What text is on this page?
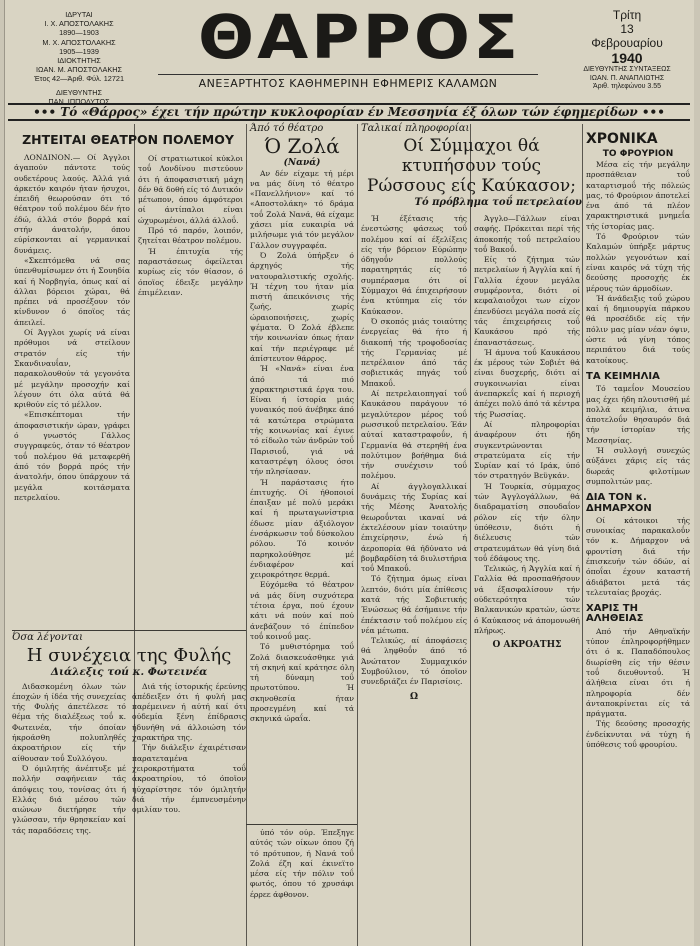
ΙΔΡΥΤΑΙ
Ι. Χ. ΑΠΟΣΤΟΛΑΚΗΣ
1890—1903
Μ. Χ. ΑΠΟΣΤΟΛΑΚΗΣ
1905—1939
ΙΔΙΟΚΤΗΤΗΣ
ΙΩΑΝ. Μ. ΑΠΟΣΤΟΛΑΚΗΣ
Έτος 42—Άριθ. Φύλ. 12721
ΔΙΕΥΘΥΝΤΗΣ
ΠΑΝ. ΙΠΠΟΛΥΤΟΣ
ΘΑΡΡΟΣ
ΑΝΕΞΑΡΤΗΤΟΣ ΚΑΘΗΜΕΡΙΝΗ ΕΦΗΜΕΡΙΣ ΚΑΛΑΜΩΝ
Τρίτη
13
Φεβρουαρίου
1940
ΔΙΕΥΘΥΝΤΗΣ ΣΥΝΤΑΞΕΩΣ
ΙΩΑΝ. Π. ΑΝΑΠΛΙΩΤΗΣ
Άριθ. τηλεφώνου 3.55
••• Τό «Θάρρος» έχει τήν πρώτην κυκλοφορίαν έν Μεσσηνία έξ όλων τών έφημερίδων •••
ΖΗΤΕΙΤΑΙ ΘΕΑΤΡΟΝ ΠΟΛΕΜΟΥ

ΛΟΝΔΙΝΟΝ.— Οί Άγγλοι άγαπούν πάντοτε τούς ουδετέρους λαούς. Άλλά γιά άρκετόν καιρόν ήταν ήσυχοι, έπειδή θεωρούσαν ότι τό θέατρον τοΰ πολέμου δέν ήτο έδώ, άλλά στόν βορρά καί στήν άνατολήν, όπου εύρίσκονται αί γερμανικαί δυνάμεις.

«Σκεπτόμεθα νά σας ύπενθυμίσωμεν ότι ή Σουηδία καί ή Νορβηγία, όπως καί αί άλλαι βόρειοι χώραι, θά πρέπει νά προσέξουν τόν κίνδυνον ό όποϊος τάς άπειλεί.

Οί Άγγλοι χωρίς νά είναι πρόθυμοι νά στείλουν στρατόν είς τήν Σκανδιναυΐαν, παρακολουθούν τά γεγονότα μέ μεγάλην προσοχήν καί λέγουν ότι όλα αύτά θά κριθούν είς τό μέλλον.

«Επισκέπτομαι τήν άποφασιστικήν ώραν, γράφει ό γνωστός Γάλλος συγγραφεύς, όταν τό θέατρον τοΰ πολέμου θά μεταφερθή άπό τόν βορρά πρός τήν άνατολήν, όπου ύπάρχουν τά μεγάλα κοιτάσματα πετρελαίου.

Οί στρατιωτικοί κύκλοι τοΰ Λονδίνου πιστεύουν ότι ή άποφασιστική μάχη δέν θά δοθή είς τό Δυτικόν μέτωπον, όπου άμφότεροι οί άντίπαλοι είναι ώχυρωμένοι, άλλά άλλοΰ.

Πρό τό παρόν, λοιπόν, ζητείται θέατρον πολέμου.

Ή έπιτυχία τής παραστάσεως όφείλεται κυρίως είς τόν θίασον, ό όποϊος έδειξε μεγάλην έπιμέλειαν.

Όσα λέγονται
Η συνέχεια της Φυλής
Διάλεξις τοú κ. Φωτεινέα

Διδασκομένη όλων τών έποχών ή ίδέα τής συνεχείας τής Φυλής άπετέλεσε τό θέμα τής διαλέξεως τοΰ κ. Φωτεινέα, τήν όποίαν ήκροάσθη πολυπληθές άκροατήριον είς τήν αίθουσαν τοΰ Συλλόγου.

Ό όμιλητής άνέπτυξε μέ πολλήν σαφήνειαν τάς άπόψεις του, τονίσας ότι ή Ελλάς διά μέσου τών αιώνων διετήρησε τήν γλώσσαν, τήν θρησκείαν καί τάς παραδόσεις της.

Διά τής ίστορικής έρεύνης άπέδειξεν ότι ή φυλή μας παρέμεινεν ή αύτή καί ότι ούδεμία ξένη έπίδρασις ήδυνήθη νά άλλοιώση τόν χαρακτήρα της.

Τήν διάλεξιν έχαιρέτισαν παρατεταμένα χειροκροτήματα τοΰ άκροατηρίου, τό όποϊον ηύχαρίστησε τόν όμιλητήν διά τήν έμπνευσμένην ομιλίαν του.

Άπό τό θέατρο
Ό Ζολά
(Νανά)

Αν δέν είχαμε τή μέρι να μάς δίνη τό θέατρο «Πανελλήνιον» καί τό «Αποστολάκη» τό δράμα τοΰ Ζολά Νανά, θά είχαμε χάσει μία ευκαιρία νά μιλήσωμε γιά τόν μεγάλον Γάλλον συγγραφέα.

Ό Ζολά ύπήρξεν ό άρχηγός τής νατουραλιστικής σχολής. Ή τέχνη του ήταν μία πιστή άπεικόνισις τής ζωής, χωρίς ώραιοποιήσεις, χωρίς ψέματα. Ό Ζολά έβλεπε τήν κοινωνίαν όπως ήταν καί τήν περιέγραφε μέ άπίστευτον θάρρος.

Ή «Νανά» είναι ένα άπό τά πιό χαρακτηριστικά έργα του. Είναι ή ίστορία μιάς γυναικός πού άνέβηκε άπό τά κατώτερα στρώματα τής κοινωνίας καί έγινε τό είδωλο τών άνδρών τοΰ Παρισιοΰ, γιά νά καταστρέψη όλους όσοι τήν πλησίασαν.

Ή παράστασις ήτο έπιτυχής. Οί ήθοποιοί έπαιξαν μέ πολύ μεράκι καί ή πρωταγωνίστρια έδωσε μίαν άξιόλογον ένσάρκωσιν τοΰ δύσκολου ρόλου. Τό κοινόν παρηκολούθησε μέ ένδιαφέρον καί χειροκρότησε θερμά.

Εύχόμεθα τό θέατρον νά μάς δίνη συχνότερα τέτοια έργα, πού έχουν κάτι νά πούν καί πού άνεβάζουν τό έπίπεδον τοΰ κοινοΰ μας.

Τό μυθιστόρημα τοΰ Ζολά διασκευάσθηκε γιά τή σκηνή καί κράτησε όλη τή δύναμη τοΰ πρωτοτύπου. Ή σκηνοθεσία ήταν προσεγμένη καί τά σκηνικά ώραΐα.

ύπό τόν ούρ. Έπεξηγε αύτός τών οίκων όπου ζή τό πρότυπον, ή Νανά τοΰ Ζολά έζη καί έκινεϊτο μέσα είς τήν πόλιν τοΰ φωτός, όπου τό χρυσάφι έρρεε άφθονον.

Ταλικαί πληροφορίαι
Οί Σύμμαχοι θά κτυπήσουν τούς Ρώσσους είς Καύκασον;
Τό πρόβλημα τοΰ πετρελαίου

Ή έξέτασις τής ένεστώσης φάσεως τοΰ πολέμου καί αί έξελίξεις είς τήν βόρειον Εύρώπην όδηγοΰν πολλούς παρατηρητάς είς τό συμπέρασμα ότι οί Σύμμαχοι θά έπιχειρήσουν ένα κτύπημα είς τόν Καύκασον.

Ό σκοπός μιάς τοιαύτης ένεργείας θά ήτο ή διακοπή τής τροφοδοσίας τής Γερμανίας μέ πετρέλαιον άπό τάς σοβιετικάς πηγάς τοΰ Μπακοΰ.

Αί πετρελαιοπηγαί τοΰ Καυκάσου παράγουν τό μεγαλύτερον μέρος τοΰ ρωσσικοΰ πετρελαίου. Έάν αύταί καταστραφοΰν, ή Γερμανία θά στερηθή ένα πολύτιμον βοήθημα διά τήν συνέχισιν τοΰ πολέμου.

Αί άγγλογαλλικαί δυνάμεις τής Συρίας καί τής Μέσης Άνατολής θεωροΰνται ικαναί νά έκτελέσουν μίαν τοιαύτην έπιχείρησιν, ένώ ή άεροπορία θά ήδύνατο νά βομβαρδίση τά διυλιστήρια τοΰ Μπακοΰ.

Τό ζήτημα όμως είναι λεπτόν, διότι μία έπίθεσις κατά τής Σοβιετικής Ένώσεως θά έσήμαινε τήν έπέκτασιν τοΰ πολέμου είς νέα μέτωπα.

Τελικώς, αί άποφάσεις θά ληφθοΰν άπό τό Άνώτατον Συμμαχικόν Συμβούλιον, τό όποϊον συνεδριάζει έν Παρισίοις.

Ω

Άγγλο—Γάλλων είναι σαφής. Πρόκειται περί τής άποκοπής τοΰ πετρελαίου τοΰ Βακοΰ.

Είς τό ζήτημα τών πετρελαίων ή Άγγλία καί ή Γαλλία έχουν μεγάλα συμφέροντα, διότι οί κεφαλαιοΰχοι των είχον έπενδύσει μεγάλα ποσά είς τάς έπιχειρήσεις τοΰ Καυκάσου πρό τής έπαναστάσεως.

Ή άμυνα τοΰ Καυκάσου έκ μέρους τών Σοβιέτ θά είναι δυσχερής, διότι αί συγκοινωνίαι είναι άνεπαρκεΐς καί ή περιοχή άπέχει πολύ άπό τά κέντρα τής Ρωσσίας.

Αί πληροφορίαι άναφέρουν ότι ήδη συγκεντρώνονται στρατεύματα είς τήν Συρίαν καί τό Ιράκ, ύπό τόν στρατηγόν Βεϋγκάν.

Ή Τουρκία, σύμμαχος τών Άγγλογάλλων, θά διαδραματίση σπουδαΐον ρόλον είς τήν όλην ύπόθεσιν, διότι ή διέλευσις τών στρατευμάτων θά γίνη διά τοΰ έδάφους της.

Τελικώς, ή Άγγλία καί ή Γαλλία θά προσπαθήσουν νά έξασφαλίσουν τήν ούδετερότητα τών Βαλκανικών κρατών, ώστε ό Καύκασος νά άπομονωθή πλήρως.

Ο ΑΚΡΟΑΤΗΣ
ΧΡΟΝΙΚΑ
ΤΟ ΦΡΟΥΡΙΟΝ

Μέσα είς τήν μεγάλην προσπάθειαν τοΰ καταρτισμοΰ τής πόλεώς μας, τό Φρούριον άποτελεί ένα άπό τά πλέον χαρακτηριστικά μνημεΐα τής ίστορίας μας.

Τό Φρούριον τών Καλαμών ύπήρξε μάρτυς πολλών γεγονότων καί είναι καιρός νά τύχη τής δεούσης προσοχής έκ μέρους τών άρμοδίων.

Ή άνάδειξις τοΰ χώρου καί ή δημιουργία πάρκου θά προσέδιδε είς τήν πόλιν μας μίαν νέαν όψιν, ώστε νά γίνη τόπος περιπάτου διά τούς κατοίκους.

ΤΑ ΚΕΙΜΗΛΙΑ

Τό ταμεΐον Μουσείου μας έχει ήδη πλουτισθή μέ πολλά κειμήλια, άτινα άποτελοΰν θησαυρόν διά τήν ίστορίαν τής Μεσσηνίας.

Ή συλλογή συνεχώς αύξάνει χάρις είς τάς δωρεάς φιλοτίμων συμπολιτών μας.

ΔΙΑ ΤΟΝ κ. ΔΗΜΑΡΧΟΝ

Οί κάτοικοι τής συνοικίας παρακαλοΰν τόν κ. Δήμαρχον νά φροντίση διά τήν έπισκευήν τών όδών, αί όποΐαι έχουν καταστή άδιάβατοι μετά τάς τελευταίας βροχάς.

ΧΑΡΙΣ ΤΗ ΑΛΗΘΕΙΑΣ

Από τήν Αθηναϊκήν τύπον έπληροφορήθημεν ότι ό κ. Παπαδόπουλος διωρίσθη είς τήν θέσιν τοΰ διευθυντοΰ. Ή άλήθεια είναι ότι ή πληροφορία δέν άνταποκρίνεται είς τά πράγματα.

Τής δεούσης προσοχής ένδείκνυται νά τύχη ή ύπόθεσις τοΰ φρουρίου.
